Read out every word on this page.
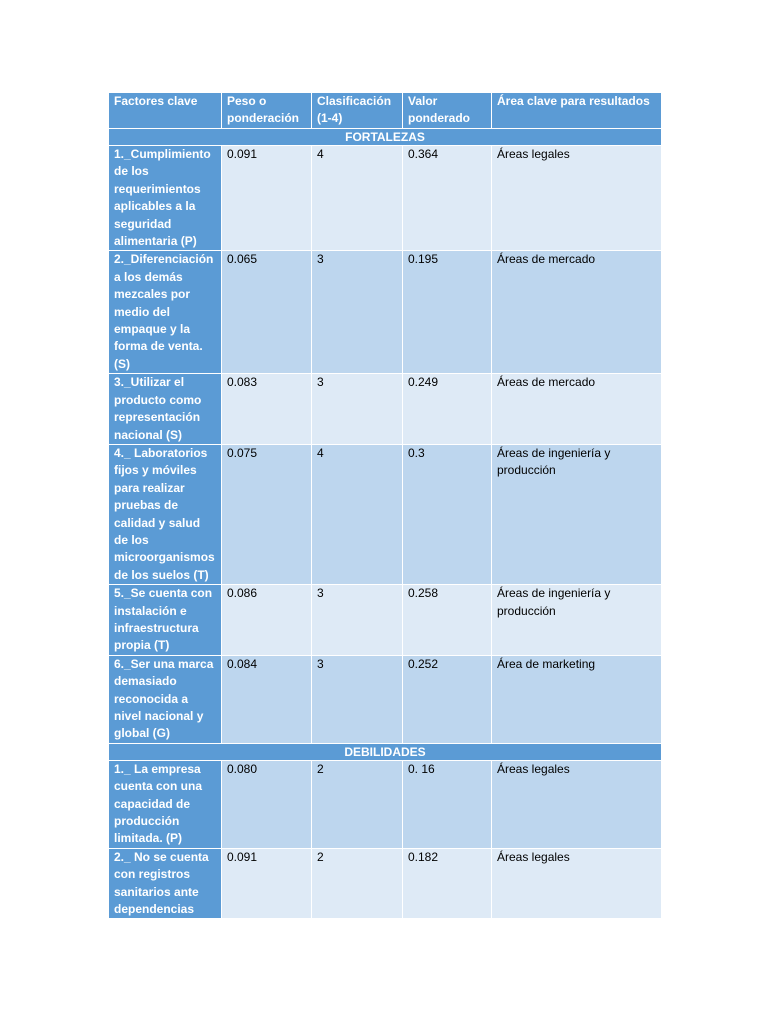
Factores clave	Peso o ponderación	Clasificación (1-4)	Valor ponderado	Área clave para resultados
FORTALEZAS				
1._Cumplimiento de los requerimientos aplicables a la seguridad alimentaria (P)	0.091	4	0.364	Áreas legales
2._Diferenciación a los demás mezcales por medio del empaque y la forma de venta. (S)	0.065	3	0.195	Áreas de mercado
3._Utilizar el producto como representación nacional (S)	0.083	3	0.249	Áreas de mercado
4._ Laboratorios fijos y móviles para realizar pruebas de calidad y salud de los microorganismos de los suelos (T)	0.075	4	0.3	Áreas de ingeniería y producción
5._Se cuenta con instalación e infraestructura propia (T)	0.086	3	0.258	Áreas de ingeniería y producción
6._Ser una marca demasiado reconocida a nivel nacional y global (G)	0.084	3	0.252	Área de marketing
DEBILIDADES				
1._ La empresa cuenta con una capacidad de producción limitada. (P)	0.080	2	0. 16	Áreas legales
2._ No se cuenta con registros sanitarios ante dependencias	0.091	2	0.182	Áreas legales
